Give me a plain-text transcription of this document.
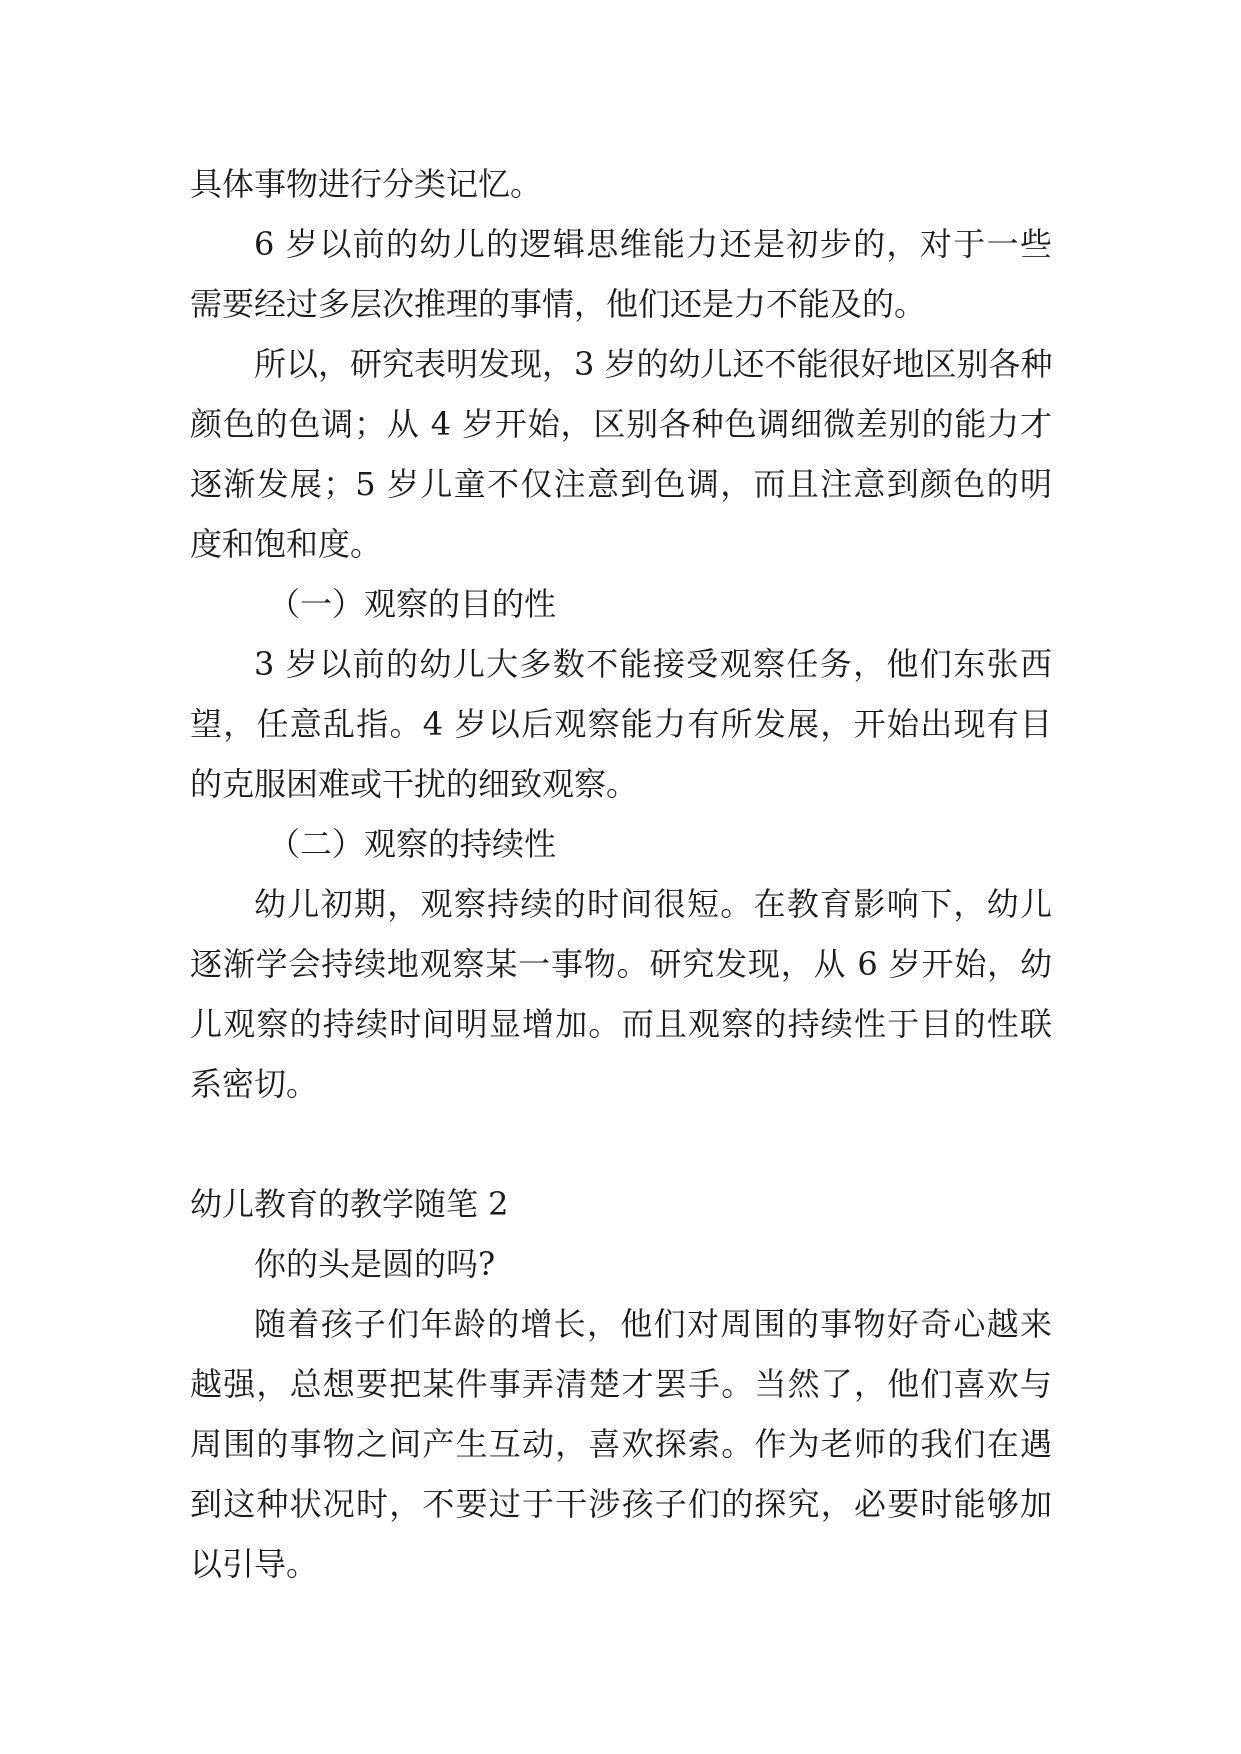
具体事物进行分类记忆。
6 岁以前的幼儿的逻辑思维能力还是初步的，对于一些
需要经过多层次推理的事情，他们还是力不能及的。
所以，研究表明发现，3 岁的幼儿还不能很好地区别各种
颜色的色调；从 4 岁开始，区别各种色调细微差别的能力才
逐渐发展；5 岁儿童不仅注意到色调，而且注意到颜色的明
度和饱和度。
（一）观察的目的性
3 岁以前的幼儿大多数不能接受观察任务，他们东张西
望，任意乱指。4 岁以后观察能力有所发展，开始出现有目
的克服困难或干扰的细致观察。
（二）观察的持续性
幼儿初期，观察持续的时间很短。在教育影响下，幼儿
逐渐学会持续地观察某一事物。研究发现，从 6 岁开始，幼
儿观察的持续时间明显增加。而且观察的持续性于目的性联
系密切。
幼儿教育的教学随笔 2
你的头是圆的吗?
随着孩子们年龄的增长，他们对周围的事物好奇心越来
越强，总想要把某件事弄清楚才罢手。当然了，他们喜欢与
周围的事物之间产生互动，喜欢探索。作为老师的我们在遇
到这种状况时，不要过于干涉孩子们的探究，必要时能够加
以引导。
